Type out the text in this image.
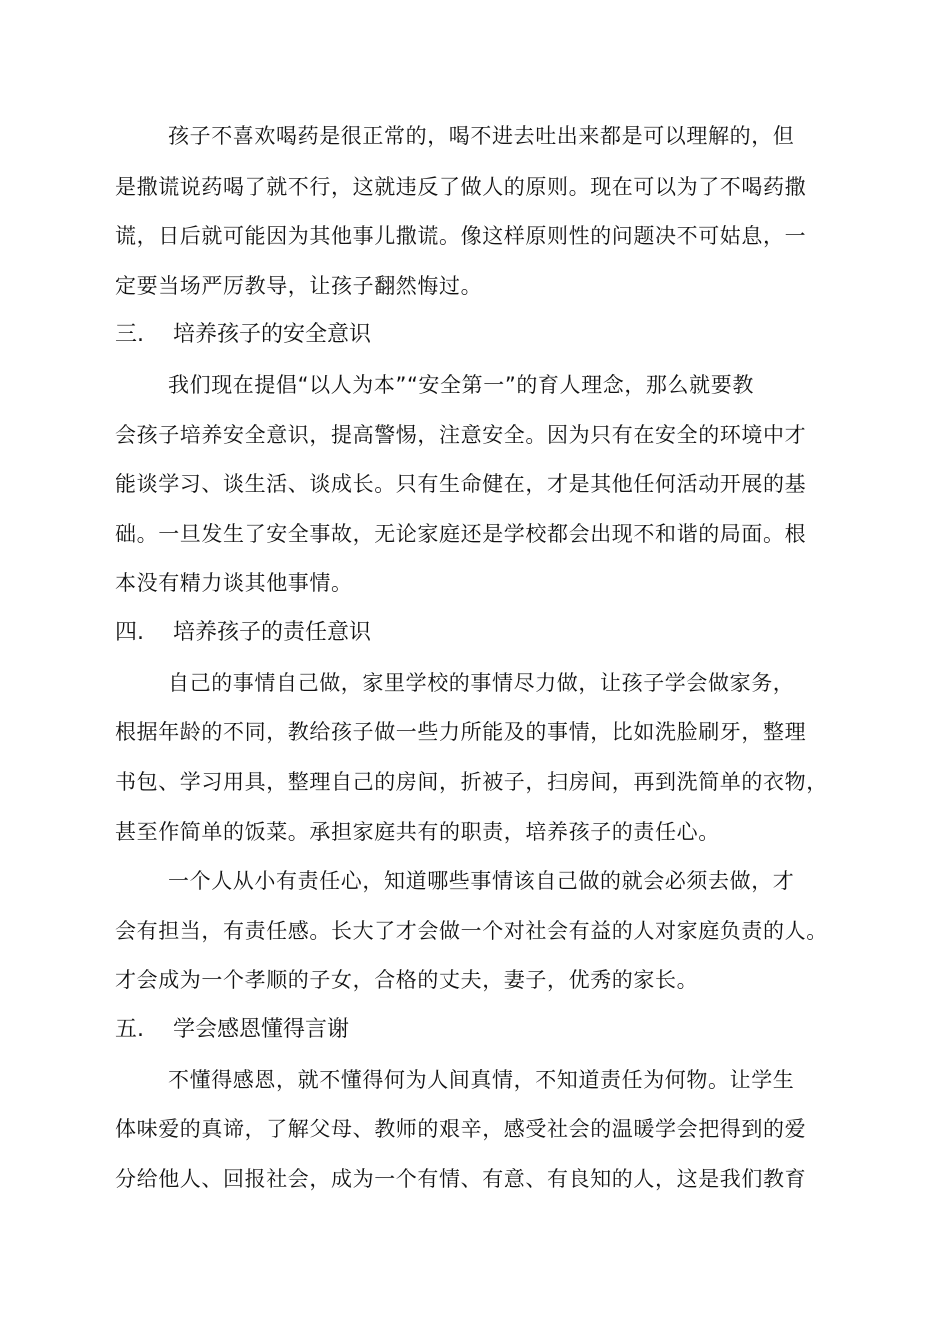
孩子不喜欢喝药是很正常的，喝不进去吐出来都是可以理解的，但
是撒谎说药喝了就不行，这就违反了做人的原则。现在可以为了不喝药撒
谎，日后就可能因为其他事儿撒谎。像这样原则性的问题决不可姑息，一
定要当场严厉教导，让孩子翻然悔过。
三. 培养孩子的安全意识
我们现在提倡“以人为本”“安全第一”的育人理念，那么就要教
会孩子培养安全意识，提高警惕，注意安全。因为只有在安全的环境中才
能谈学习、谈生活、谈成长。只有生命健在，才是其他任何活动开展的基
础。一旦发生了安全事故，无论家庭还是学校都会出现不和谐的局面。根
本没有精力谈其他事情。
四. 培养孩子的责任意识
自己的事情自己做，家里学校的事情尽力做，让孩子学会做家务，
根据年龄的不同，教给孩子做一些力所能及的事情，比如洗脸刷牙，整理
书包、学习用具，整理自己的房间，折被子，扫房间，再到洗简单的衣物，
甚至作简单的饭菜。承担家庭共有的职责，培养孩子的责任心。
一个人从小有责任心，知道哪些事情该自己做的就会必须去做，才
会有担当，有责任感。长大了才会做一个对社会有益的人对家庭负责的人。
才会成为一个孝顺的子女，合格的丈夫，妻子，优秀的家长。
五. 学会感恩懂得言谢
不懂得感恩，就不懂得何为人间真情，不知道责任为何物。让学生
体味爱的真谛，了解父母、教师的艰辛，感受社会的温暖学会把得到的爱
分给他人、回报社会，成为一个有情、有意、有良知的人，这是我们教育
